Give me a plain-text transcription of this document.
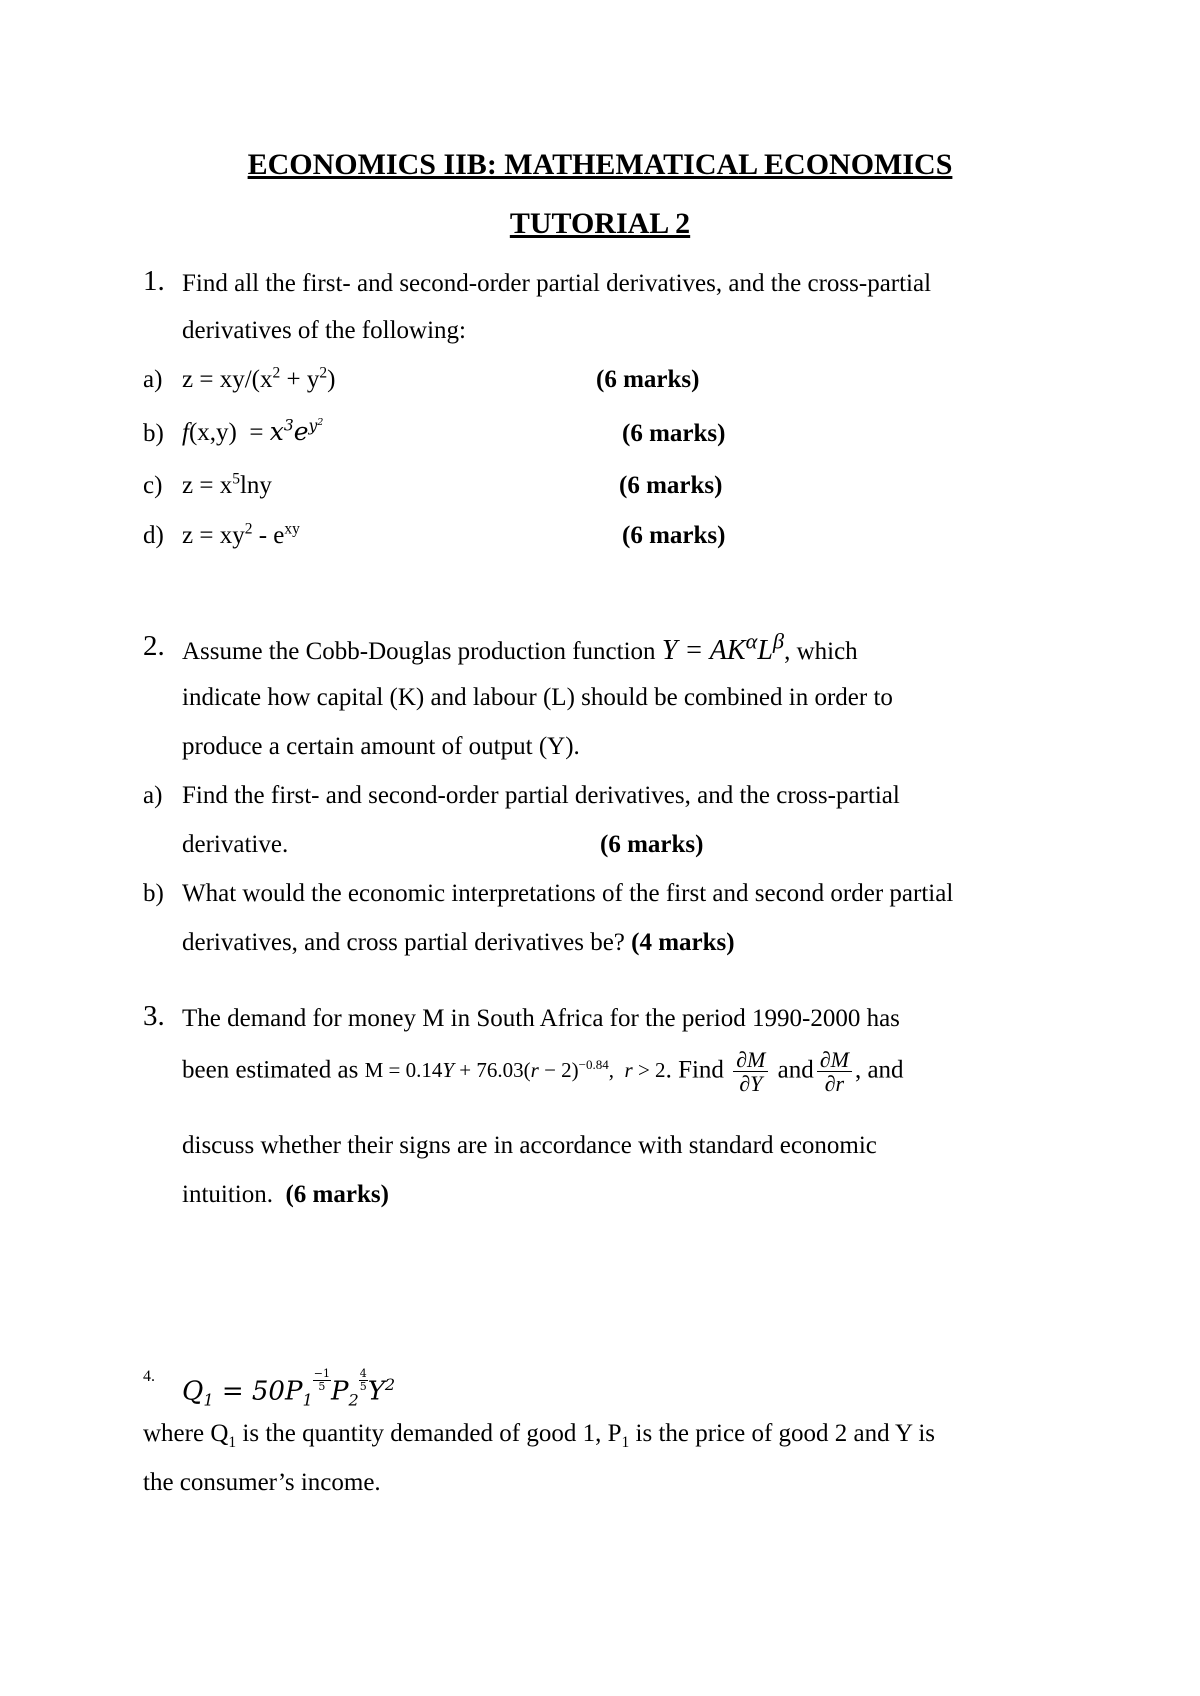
ECONOMICS IIB: MATHEMATICAL ECONOMICS
TUTORIAL 2
1. Find all the first- and second-order partial derivatives, and the cross-partial
derivatives of the following:
a) $z = xy/(x^2 + y^2)$	(6 marks)
b) $f(x,y) = x^3e^{y^2}$	(6 marks)
c) $z = x^5\ln y$	(6 marks)
d) $z = xy^2 - e^{xy}$	(6 marks)
2. Assume the Cobb-Douglas production function $Y = AK^\alpha L^\beta$, which
indicate how capital (K) and labour (L) should be combined in order to
produce a certain amount of output (Y).
a) Find the first- and second-order partial derivatives, and the cross-partial
derivative.	(6 marks)
b) What would the economic interpretations of the first and second order partial
derivatives, and cross partial derivatives be? (4 marks)
3. The demand for money M in South Africa for the period 1990-2000 has
been estimated as $M = 0.14Y + 76.03(r - 2)^{-0.84}$,  r > 2. Find $\frac{\partial M}{\partial Y}$ and $\frac{\partial M}{\partial r}$ , and
discuss whether their signs are in accordance with standard economic
intuition. (6 marks)
4. $Q_1 = 50P_1$
$\frac{-1}{5} P_2$
$\frac{4}{5} Y^2$
where $Q_1$ is the quantity demanded of good 1, $P_1$ is the price of good 2 and Y is
the consumer’s income.
